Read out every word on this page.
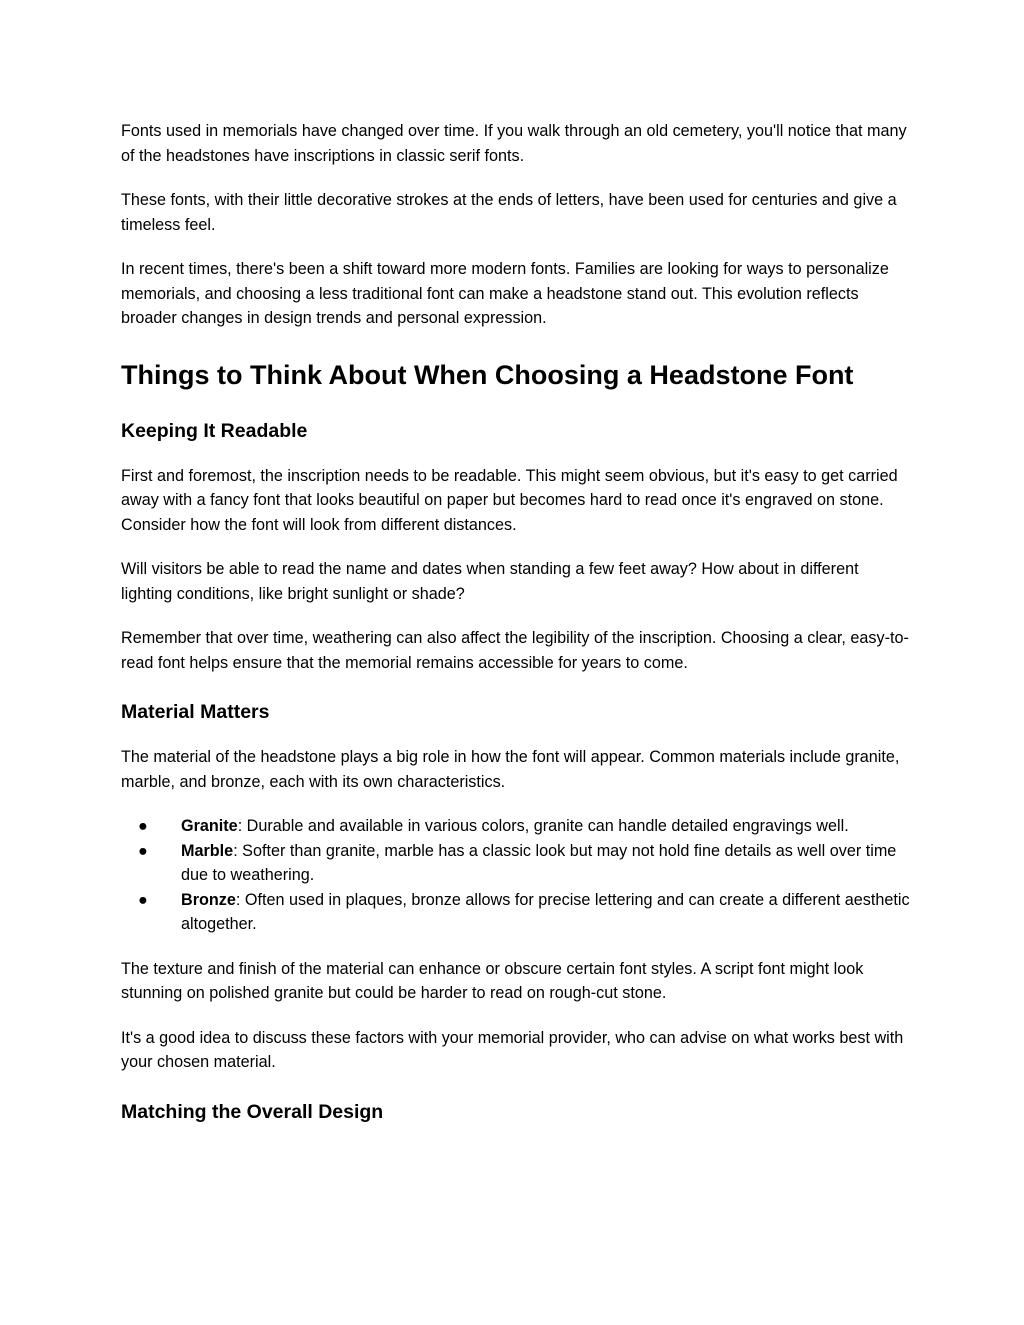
Fonts used in memorials have changed over time. If you walk through an old cemetery, you'll notice that many of the headstones have inscriptions in classic serif fonts.

These fonts, with their little decorative strokes at the ends of letters, have been used for centuries and give a timeless feel.

In recent times, there's been a shift toward more modern fonts. Families are looking for ways to personalize memorials, and choosing a less traditional font can make a headstone stand out. This evolution reflects broader changes in design trends and personal expression.

Things to Think About When Choosing a Headstone Font
Keeping It Readable

First and foremost, the inscription needs to be readable. This might seem obvious, but it's easy to get carried away with a fancy font that looks beautiful on paper but becomes hard to read once it's engraved on stone. Consider how the font will look from different distances.

Will visitors be able to read the name and dates when standing a few feet away? How about in different lighting conditions, like bright sunlight or shade?

Remember that over time, weathering can also affect the legibility of the inscription. Choosing a clear, easy-to-read font helps ensure that the memorial remains accessible for years to come.

Material Matters

The material of the headstone plays a big role in how the font will appear. Common materials include granite, marble, and bronze, each with its own characteristics.

● Granite: Durable and available in various colors, granite can handle detailed engravings well.
● Marble: Softer than granite, marble has a classic look but may not hold fine details as well over time due to weathering.
● Bronze: Often used in plaques, bronze allows for precise lettering and can create a different aesthetic altogether.

The texture and finish of the material can enhance or obscure certain font styles. A script font might look stunning on polished granite but could be harder to read on rough-cut stone.

It's a good idea to discuss these factors with your memorial provider, who can advise on what works best with your chosen material.

Matching the Overall Design
